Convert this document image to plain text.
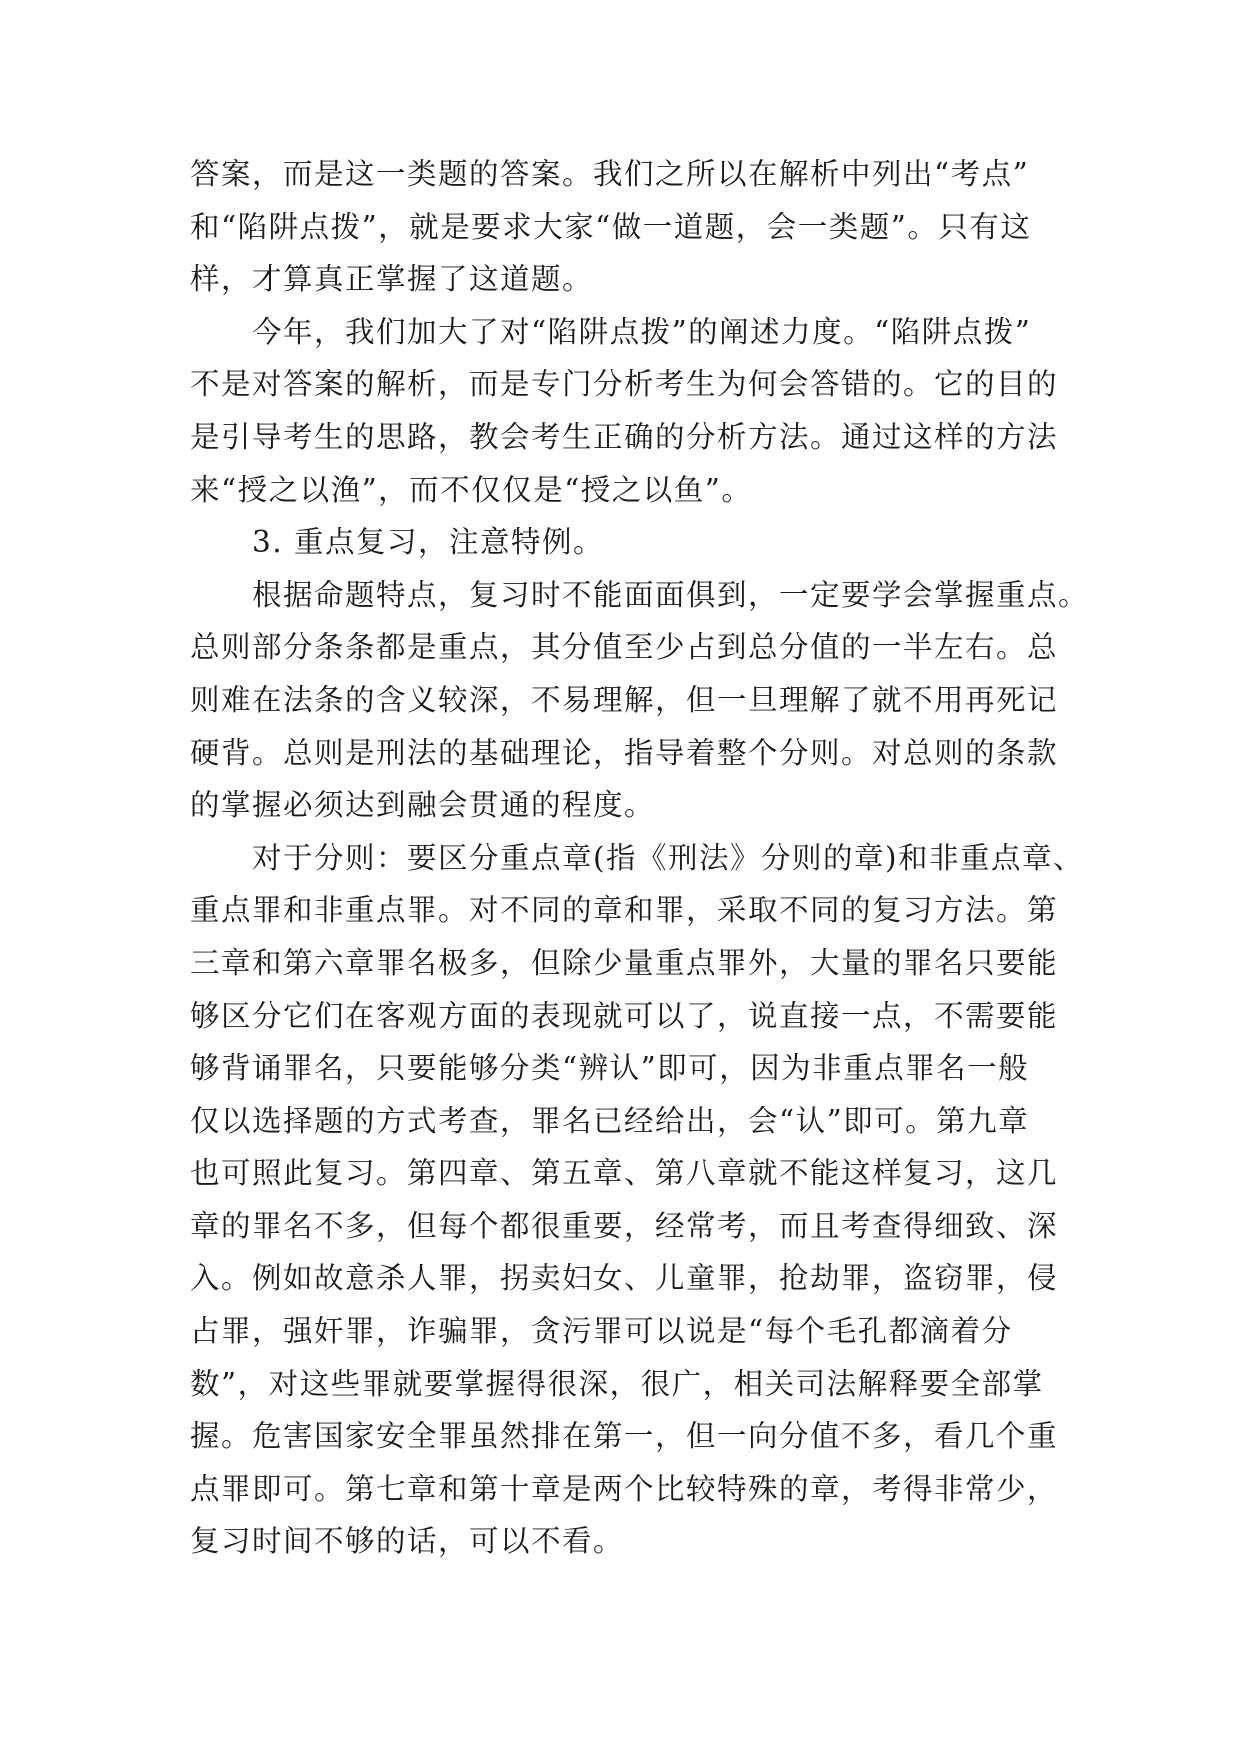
答案，而是这一类题的答案。我们之所以在解析中列出“考点”
和“陷阱点拨”，就是要求大家“做一道题，会一类题”。只有这
样，才算真正掌握了这道题。
今年，我们加大了对“陷阱点拨”的阐述力度。“陷阱点拨”
不是对答案的解析，而是专门分析考生为何会答错的。它的目的
是引导考生的思路，教会考生正确的分析方法。通过这样的方法
来“授之以渔”，而不仅仅是“授之以鱼”。
3. 重点复习，注意特例。
根据命题特点，复习时不能面面俱到，一定要学会掌握重点。
总则部分条条都是重点，其分值至少占到总分值的一半左右。总
则难在法条的含义较深，不易理解，但一旦理解了就不用再死记
硬背。总则是刑法的基础理论，指导着整个分则。对总则的条款
的掌握必须达到融会贯通的程度。
对于分则：要区分重点章(指《刑法》分则的章)和非重点章、
重点罪和非重点罪。对不同的章和罪，采取不同的复习方法。第
三章和第六章罪名极多，但除少量重点罪外，大量的罪名只要能
够区分它们在客观方面的表现就可以了，说直接一点，不需要能
够背诵罪名，只要能够分类“辨认”即可，因为非重点罪名一般
仅以选择题的方式考查，罪名已经给出，会“认”即可。第九章
也可照此复习。第四章、第五章、第八章就不能这样复习，这几
章的罪名不多，但每个都很重要，经常考，而且考查得细致、深
入。例如故意杀人罪，拐卖妇女、儿童罪，抢劫罪，盗窃罪，侵
占罪，强奸罪，诈骗罪，贪污罪可以说是“每个毛孔都滴着分
数”，对这些罪就要掌握得很深，很广，相关司法解释要全部掌
握。危害国家安全罪虽然排在第一，但一向分值不多，看几个重
点罪即可。第七章和第十章是两个比较特殊的章，考得非常少，
复习时间不够的话，可以不看。
